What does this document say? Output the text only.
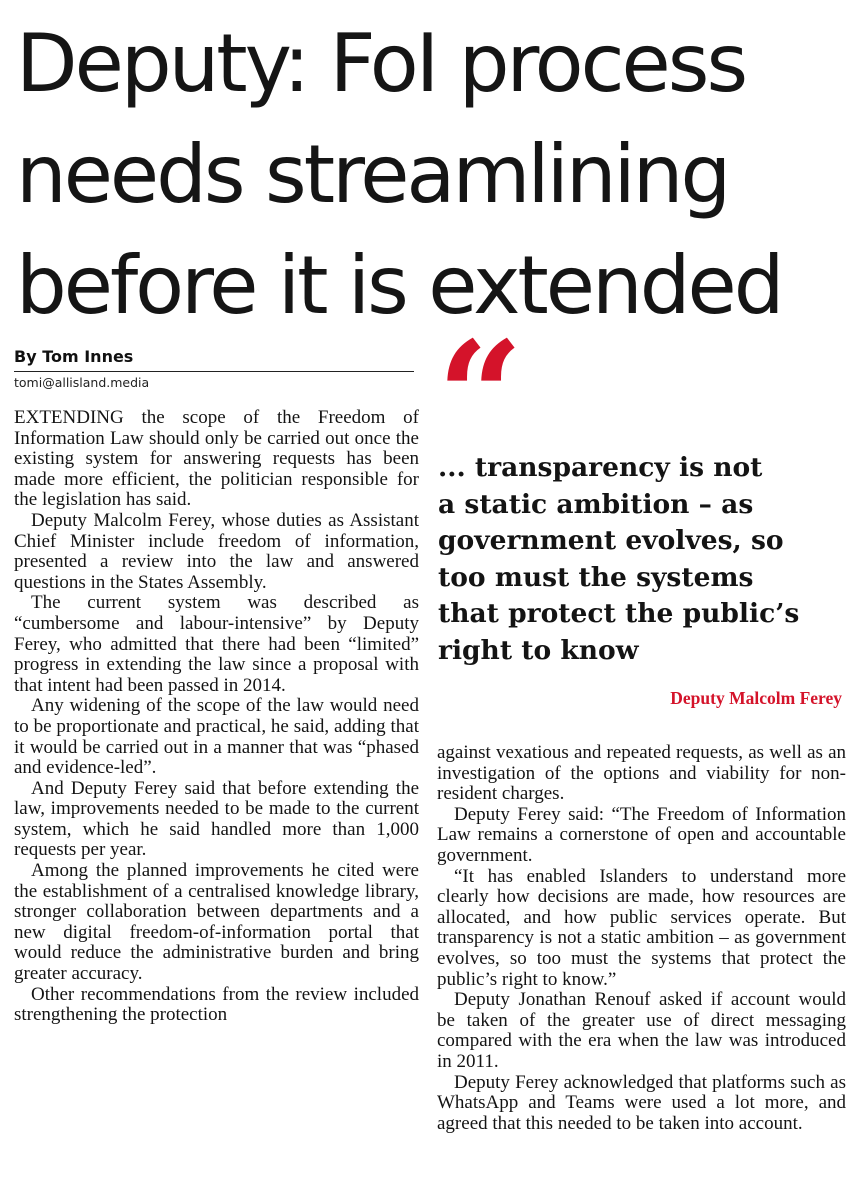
Deputy: FoI process
needs streamlining
before it is extended
By Tom Innes
tomi@allisland.media

EXTENDING the scope of the Freedom of Information Law should only be carried out once the existing system for answering requests has been made more efficient, the politician responsible for the legislation has said.

Deputy Malcolm Ferey, whose duties as Assistant Chief Minister include freedom of information, presented a review into the law and answered questions in the States Assembly.

The current system was described as “cumbersome and labour-intensive” by Deputy Ferey, who admitted that there had been “limited” progress in extending the law since a proposal with that intent had been passed in 2014.

Any widening of the scope of the law would need to be proportionate and practical, he said, adding that it would be carried out in a manner that was “phased and evidence-led”.

And Deputy Ferey said that before extending the law, improvements needed to be made to the current system, which he said handled more than 1,000 requests per year.

Among the planned improvements he cited were the establishment of a centralised knowledge library, stronger collaboration between departments and a new digital freedom-of-information portal that would reduce the administrative burden and bring greater accuracy.

Other recommendations from the review included strengthening the protection

“
... transparency is not
a static ambition – as
government evolves, so
too must the systems
that protect the public’s
right to know
Deputy Malcolm Ferey

against vexatious and repeated requests, as well as an investigation of the options and viability for non-resident charges.

Deputy Ferey said: “The Freedom of Information Law remains a cornerstone of open and accountable government.

“It has enabled Islanders to understand more clearly how decisions are made, how resources are allocated, and how public services operate. But transparency is not a static ambition – as government evolves, so too must the systems that protect the public’s right to know.”

Deputy Jonathan Renouf asked if account would be taken of the greater use of direct messaging compared with the era when the law was introduced in 2011.

Deputy Ferey acknowledged that platforms such as WhatsApp and Teams were used a lot more, and agreed that this needed to be taken into account.
